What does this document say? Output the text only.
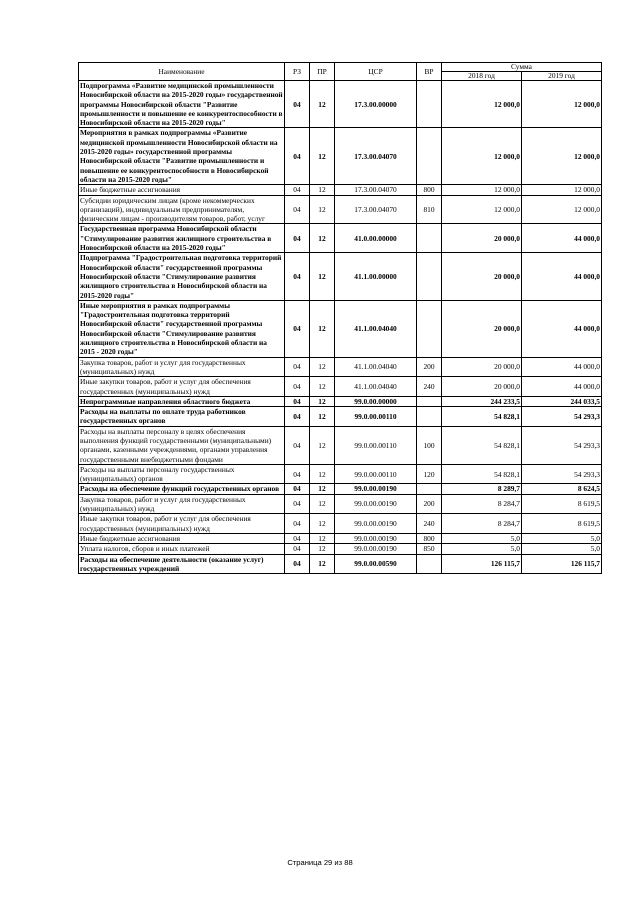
Наименование	РЗ	ПР	ЦСР	ВР	Сумма	
					2018 год	2019 год
Подпрограмма «Развитие медицинской промышленности Новосибирской области на 2015-2020 годы» государственной программы Новосибирской области "Развитие промышленности и повышение ее конкурентоспособности в Новосибирской области на 2015-2020 годы"	04	12	17.3.00.00000		12 000,0	12 000,0
Мероприятия в рамках подпрограммы «Развитие медицинской промышленности Новосибирской области на 2015-2020 годы» государственной программы Новосибирской области "Развитие промышленности и повышение ее конкурентоспособности в Новосибирской области на 2015-2020 годы"	04	12	17.3.00.04070		12 000,0	12 000,0
Иные бюджетные ассигнования	04	12	17.3.00.04070	800	12 000,0	12 000,0
Субсидии юридическим лицам (кроме некоммерческих организаций), индивидуальным предпринимателям, физическим лицам - производителям товаров, работ, услуг	04	12	17.3.00.04070	810	12 000,0	12 000,0
Государственная программа Новосибирской области "Стимулирование развития жилищного строительства в Новосибирской области на 2015-2020 годы"	04	12	41.0.00.00000		20 000,0	44 000,0
Подпрограмма "Градостроительная подготовка территорий Новосибирской области" государственной программы Новосибирской области "Стимулирование развития жилищного строительства в Новосибирской области на 2015-2020 годы"	04	12	41.1.00.00000		20 000,0	44 000,0
Иные мероприятия в рамках подпрограммы "Градостроительная подготовка территорий Новосибирской области" государственной программы Новосибирской области "Стимулирование развития жилищного строительства в Новосибирской области на 2015 - 2020 годы"	04	12	41.1.00.04040		20 000,0	44 000,0
Закупка товаров, работ и услуг для государственных (муниципальных) нужд	04	12	41.1.00.04040	200	20 000,0	44 000,0
Иные закупки товаров, работ и услуг для обеспечения государственных (муниципальных) нужд	04	12	41.1.00.04040	240	20 000,0	44 000,0
Непрограммные направления областного бюджета	04	12	99.0.00.00000		244 233,5	244 033,5
Расходы на выплаты по оплате труда работников государственных органов	04	12	99.0.00.00110		54 828,1	54 293,3
Расходы на выплаты персоналу в целях обеспечения выполнения функций государственными (муниципальными) органами, казенными учреждениями, органами управления государственными внебюджетными фондами	04	12	99.0.00.00110	100	54 828,1	54 293,3
Расходы на выплаты персоналу государственных (муниципальных) органов	04	12	99.0.00.00110	120	54 828,1	54 293,3
Расходы на обеспечение функций государственных органов	04	12	99.0.00.00190		8 289,7	8 624,5
Закупка товаров, работ и услуг для государственных (муниципальных) нужд	04	12	99.0.00.00190	200	8 284,7	8 619,5
Иные закупки товаров, работ и услуг для обеспечения государственных (муниципальных) нужд	04	12	99.0.00.00190	240	8 284,7	8 619,5
Иные бюджетные ассигнования	04	12	99.0.00.00190	800	5,0	5,0
Уплата налогов, сборов и иных платежей	04	12	99.0.00.00190	850	5,0	5,0
Расходы на обеспечение деятельности (оказание услуг) государственных учреждений	04	12	99.0.00.00590		126 115,7	126 115,7
Страница 29 из 88
